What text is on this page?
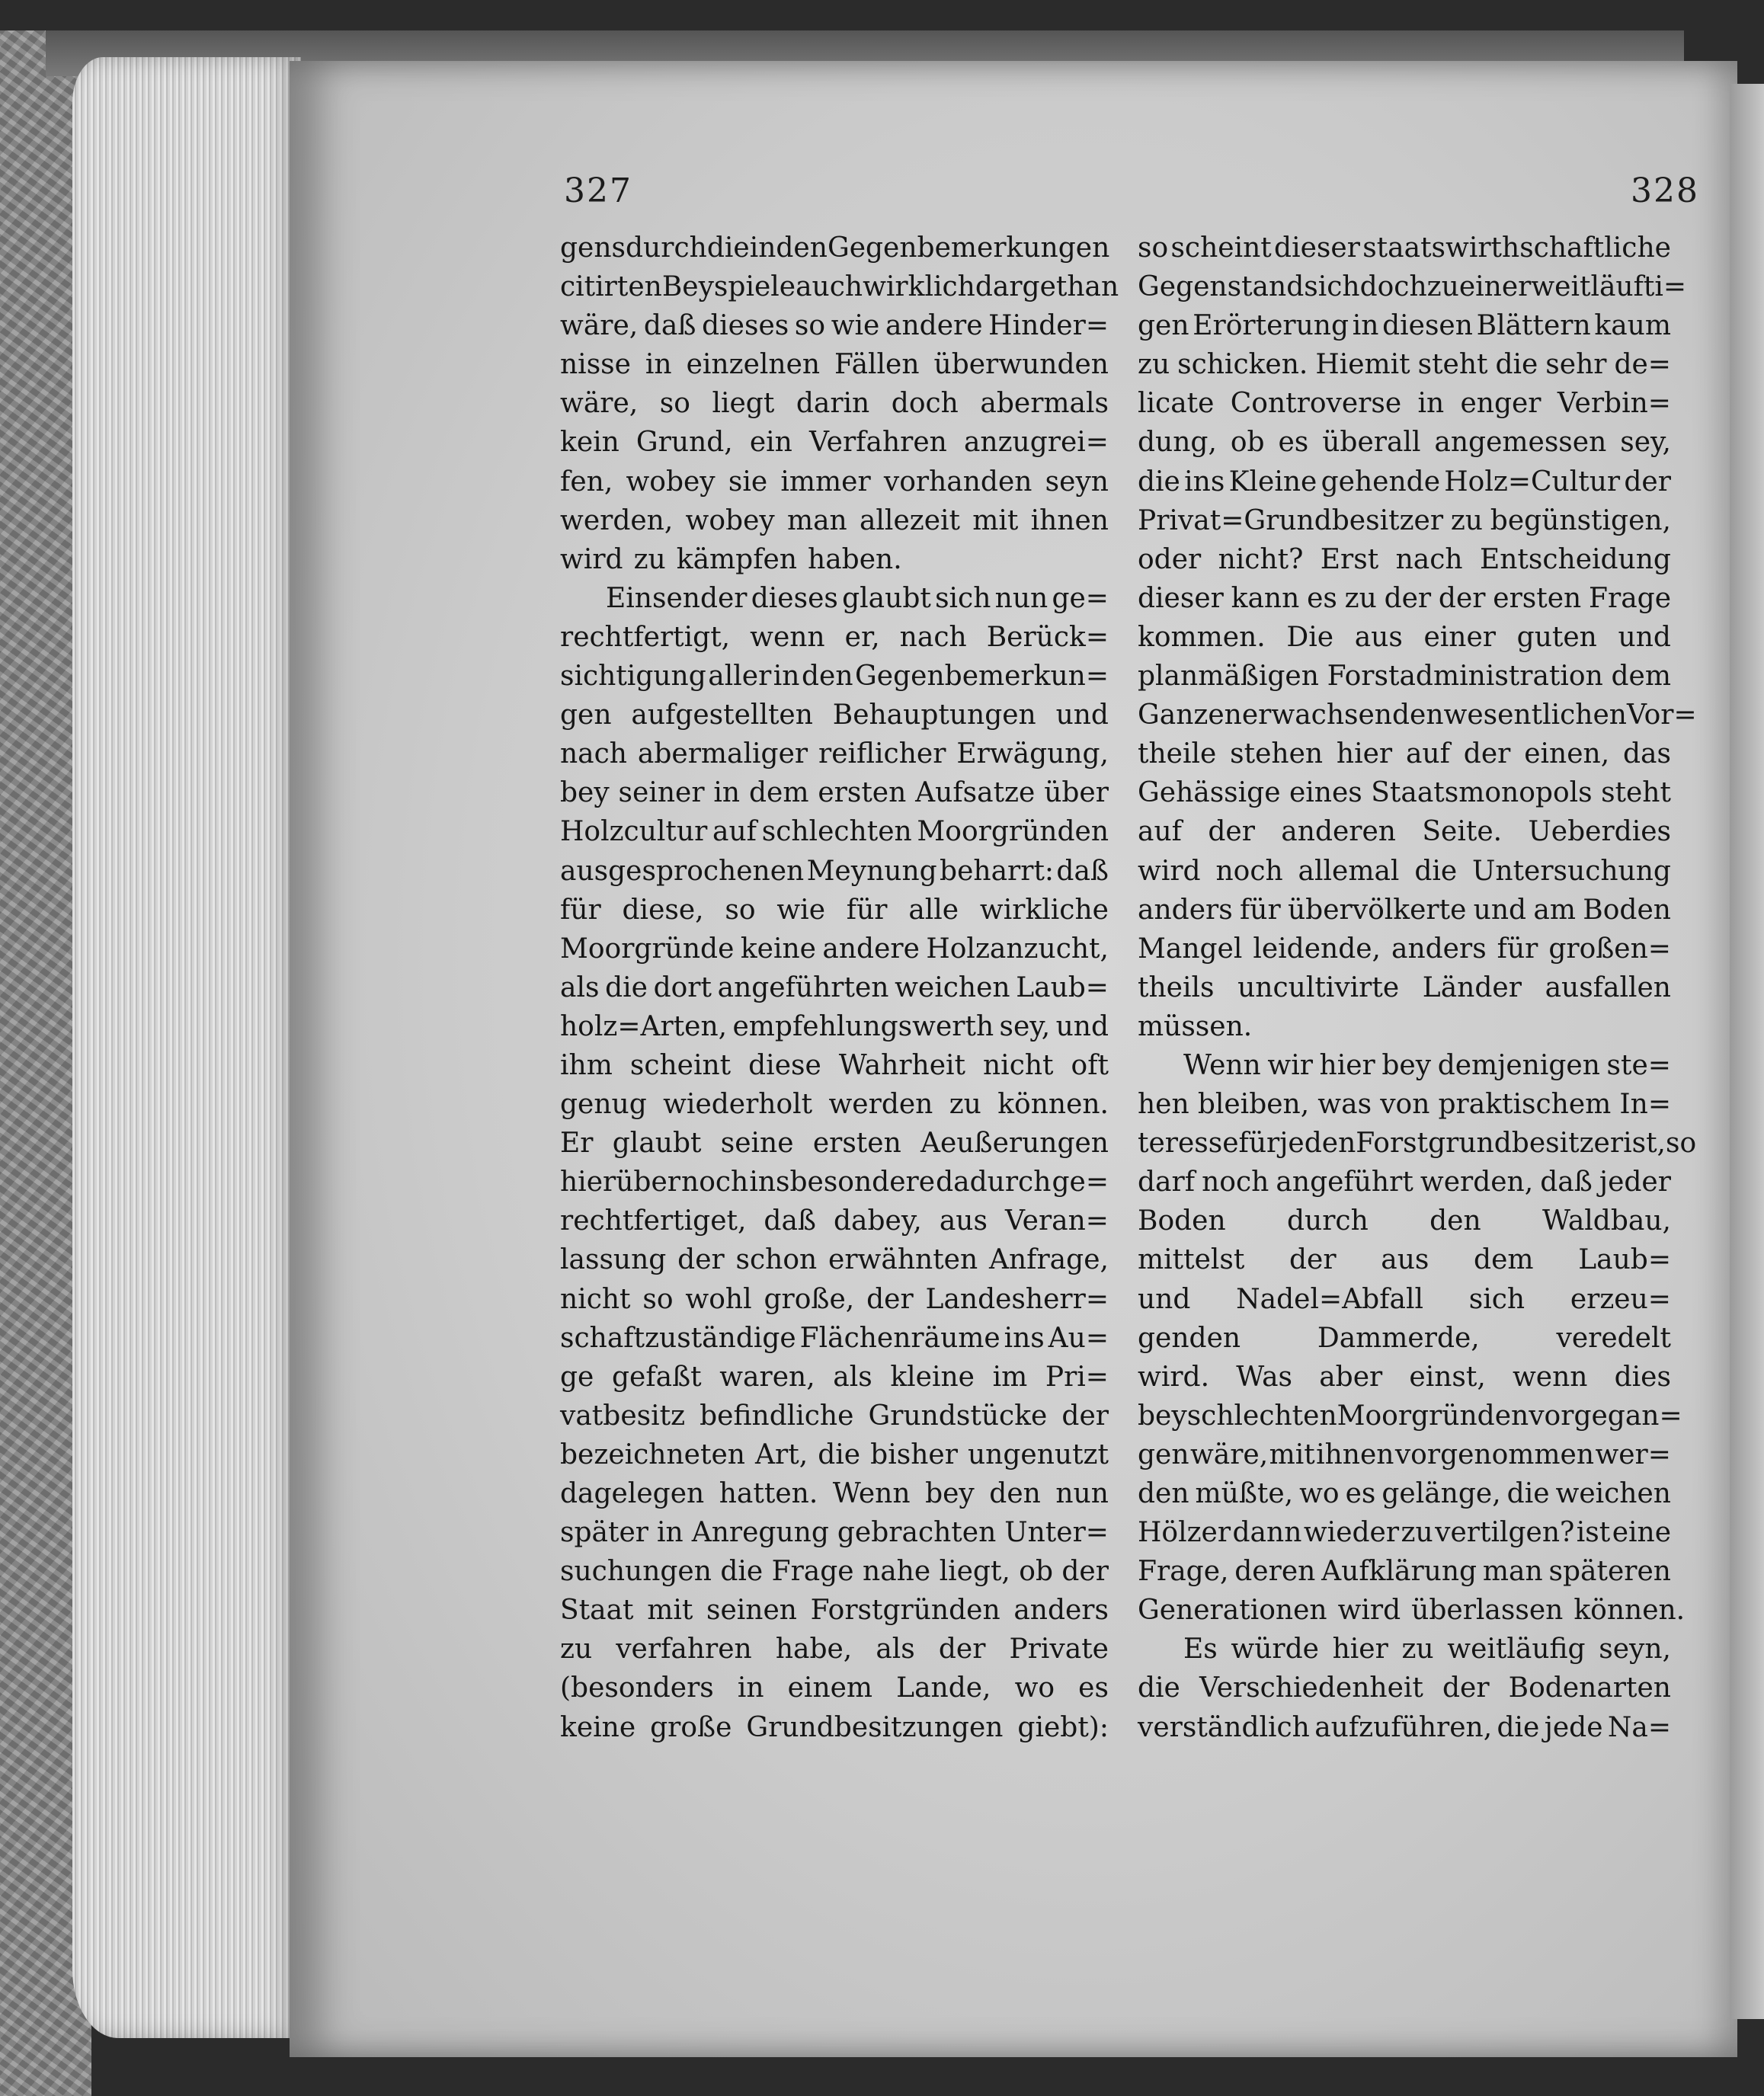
327	328
gens durch die in den Gegenbemerkungen
citirten Beyspiele auch wirklich dargethan
wäre, daß dieses so wie andere Hinder=
nisse in einzelnen Fällen überwunden
wäre, so liegt darin doch abermals
kein Grund, ein Verfahren anzugrei=
fen, wobey sie immer vorhanden seyn
werden, wobey man allezeit mit ihnen
wird zu kämpfen haben.
Einsender dieses glaubt sich nun ge=
rechtfertigt, wenn er, nach Berück=
sichtigung aller in den Gegenbemerkun=
gen aufgestellten Behauptungen und
nach abermaliger reiflicher Erwägung,
bey seiner in dem ersten Aufsatze über
Holzcultur auf schlechten Moorgründen
ausgesprochenen Meynung beharrt: daß
für diese, so wie für alle wirkliche
Moorgründe keine andere Holzanzucht,
als die dort angeführten weichen Laub=
holz=Arten, empfehlungswerth sey, und
ihm scheint diese Wahrheit nicht oft
genug wiederholt werden zu können.
Er glaubt seine ersten Aeußerungen
hierüber noch insbesondere dadurch ge=
rechtfertiget, daß dabey, aus Veran=
lassung der schon erwähnten Anfrage,
nicht so wohl große, der Landesherr=
schaftzuständige Flächenräume ins Au=
ge gefaßt waren, als kleine im Pri=
vatbesitz befindliche Grundstücke der
bezeichneten Art, die bisher ungenutzt
dagelegen hatten. Wenn bey den nun
später in Anregung gebrachten Unter=
suchungen die Frage nahe liegt, ob der
Staat mit seinen Forstgründen anders
zu verfahren habe, als der Private
(besonders in einem Lande, wo es
keine große Grundbesitzungen giebt):
so scheint dieser staatswirthschaftliche
Gegenstand sich doch zu einer weitläufti=
gen Erörterung in diesen Blättern kaum
zu schicken. Hiemit steht die sehr de=
licate Controverse in enger Verbin=
dung, ob es überall angemessen sey,
die ins Kleine gehende Holz=Cultur der
Privat=Grundbesitzer zu begünstigen,
oder nicht? Erst nach Entscheidung
dieser kann es zu der der ersten Frage
kommen. Die aus einer guten und
planmäßigen Forstadministration dem
Ganzen erwachsenden wesentlichen Vor=
theile stehen hier auf der einen, das
Gehässige eines Staatsmonopols steht
auf der anderen Seite. Ueberdies
wird noch allemal die Untersuchung
anders für übervölkerte und am Boden
Mangel leidende, anders für großen=
theils uncultivirte Länder ausfallen
müssen.
Wenn wir hier bey demjenigen ste=
hen bleiben, was von praktischem In=
teresse für jeden Forstgrundbesitzer ist, so
darf noch angeführt werden, daß jeder
Boden durch den Waldbau,
mittelst der aus dem Laub=
und Nadel=Abfall sich erzeu=
genden	Dammerde,	veredelt
wird. Was aber einst, wenn dies
bey schlechten Moorgründen vorgegan=
gen wäre, mit ihnen vorgenommen wer=
den müßte, wo es gelänge, die weichen
Hölzer dann wieder zu vertilgen? ist eine
Frage, deren Aufklärung man späteren
Generationen wird überlassen können.
Es würde hier zu weitläufig seyn,
die Verschiedenheit der Bodenarten
verständlich aufzuführen, die jede Na=
